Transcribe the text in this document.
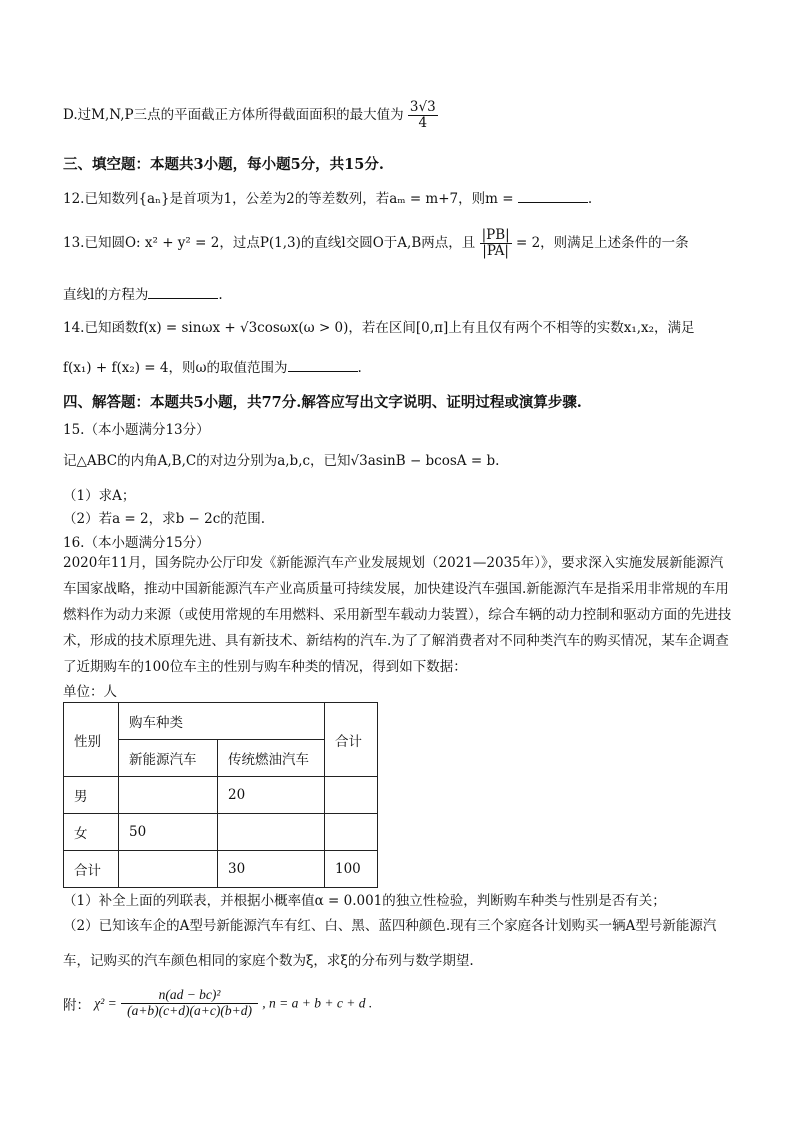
D.过M,N,P三点的平面截正方体所得截面面积的最大值为 $\frac{3√3}{4}$
三、填空题：本题共3小题，每小题5分，共15分.
12.已知数列{aₙ}是首项为1，公差为2的等差数列，若aₘ = m+7，则m =	.
13.已知圆O: x² + y² = 2，过点P(1,3)的直线l交圆O于A,B两点，且 $\frac{|PB|}{|PA|} = 2$，则满足上述条件的一条
直线l的方程为	.
14.已知函数f(x) = sinωx + √3cosωx(ω > 0)，若在区间[0,π]上有且仅有两个不相等的实数x₁,x₂，满足
f(x₁) + f(x₂) = 4，则ω的取值范围为	.
四、解答题：本题共5小题，共77分.解答应写出文字说明、证明过程或演算步骤.
15.（本小题满分13分）
记△ABC的内角A,B,C的对边分别为a,b,c，已知√3asinB − bcosA = b.
（1）求A；
（2）若a = 2，求b − 2c的范围.
16.（本小题满分15分）
2020年11月，国务院办公厅印发《新能源汽车产业发展规划（2021—2035年）》，要求深入实施发展新能源汽车国家战略，推动中国新能源汽车产业高质量可持续发展，加快建设汽车强国.新能源汽车是指采用非常规的车用燃料作为动力来源（或使用常规的车用燃料、采用新型车载动力装置），综合车辆的动力控制和驱动方面的先进技术，形成的技术原理先进、具有新技术、新结构的汽车.为了了解消费者对不同种类汽车的购买情况，某车企调查了近期购车的100位车主的性别与购车种类的情况，得到如下数据：
单位：人
性别	购车种类		合计
	新能源汽车	传统燃油汽车	
男		20	
女	50		
合计		30	100
（1）补全上面的列联表，并根据小概率值α = 0.001的独立性检验，判断购车种类与性别是否有关；
（2）已知该车企的A型号新能源汽车有红、白、黑、蓝四种颜色.现有三个家庭各计划购买一辆A型号新能源汽
车，记购买的汽车颜色相同的家庭个数为ξ，求ξ的分布列与数学期望.
附： $\chi^2 = \frac{\text{n(ad − bc)²}}{(a+b)(c+d)(a+c)(b+d)}$ , n = a + b + c + d .
